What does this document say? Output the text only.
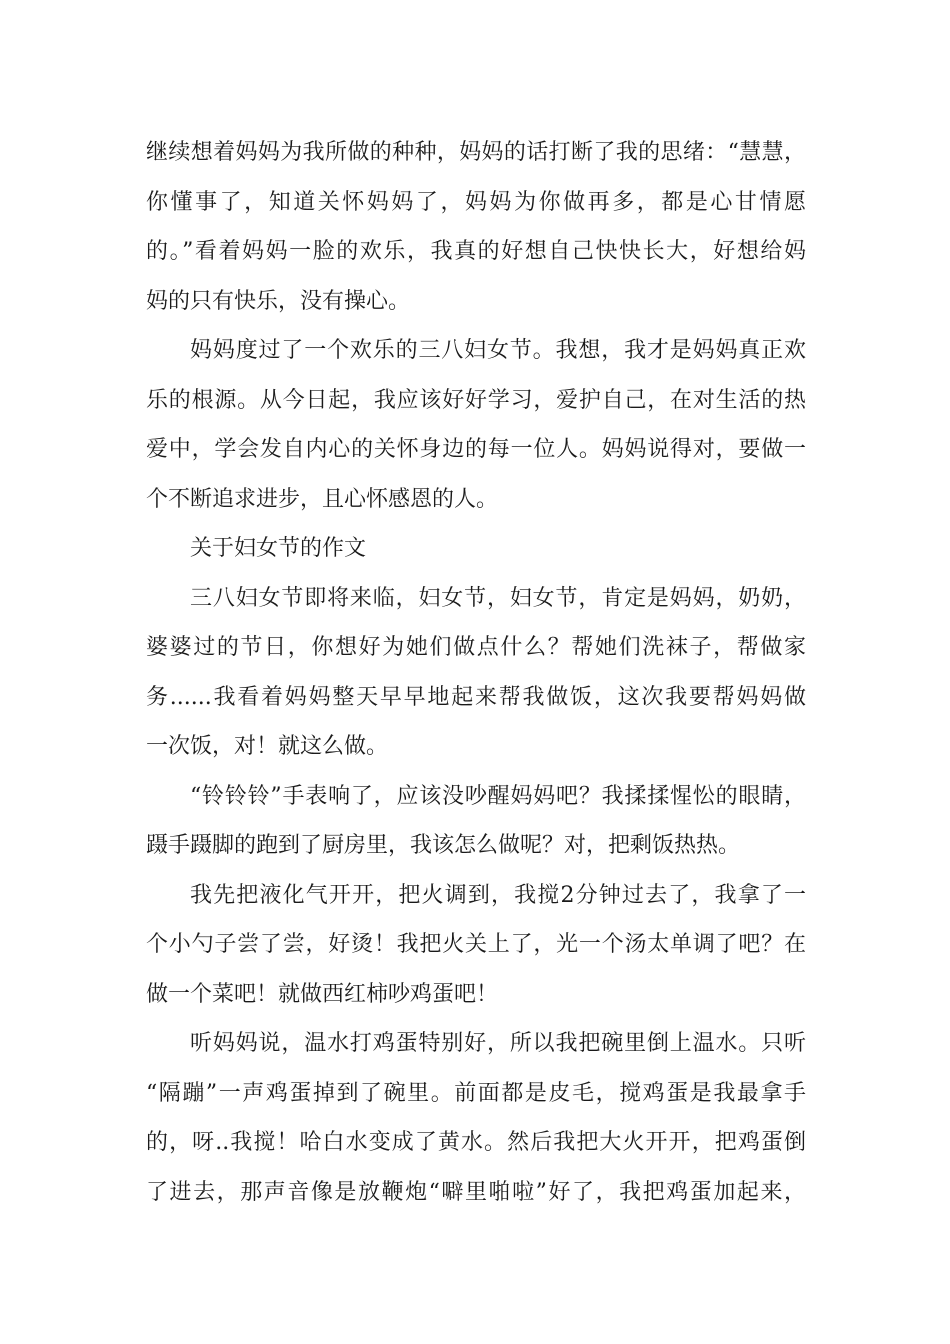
继续想着妈妈为我所做的种种，妈妈的话打断了我的思绪：“慧慧，
你懂事了，知道关怀妈妈了，妈妈为你做再多，都是心甘情愿
的。”看着妈妈一脸的欢乐，我真的好想自己快快长大，好想给妈
妈的只有快乐，没有操心。
妈妈度过了一个欢乐的三八妇女节。我想，我才是妈妈真正欢
乐的根源。从今日起，我应该好好学习，爱护自己，在对生活的热
爱中，学会发自内心的关怀身边的每一位人。妈妈说得对，要做一
个不断追求进步，且心怀感恩的人。
关于妇女节的作文
三八妇女节即将来临，妇女节，妇女节，肯定是妈妈，奶奶，
婆婆过的节日，你想好为她们做点什么？帮她们洗袜子，帮做家
务......我看着妈妈整天早早地起来帮我做饭，这次我要帮妈妈做
一次饭，对！就这么做。
“铃铃铃”手表响了，应该没吵醒妈妈吧？我揉揉惺忪的眼睛，
蹑手蹑脚的跑到了厨房里，我该怎么做呢？对，把剩饭热热。
我先把液化气开开，把火调到，我搅2分钟过去了，我拿了一
个小勺子尝了尝，好烫！我把火关上了，光一个汤太单调了吧？在
做一个菜吧！就做西红柿吵鸡蛋吧！
听妈妈说，温水打鸡蛋特别好，所以我把碗里倒上温水。只听
“隔蹦”一声鸡蛋掉到了碗里。前面都是皮毛，搅鸡蛋是我最拿手
的，呀..我搅！哈白水变成了黄水。然后我把大火开开，把鸡蛋倒
了进去，那声音像是放鞭炮“噼里啪啦”好了，我把鸡蛋加起来，
